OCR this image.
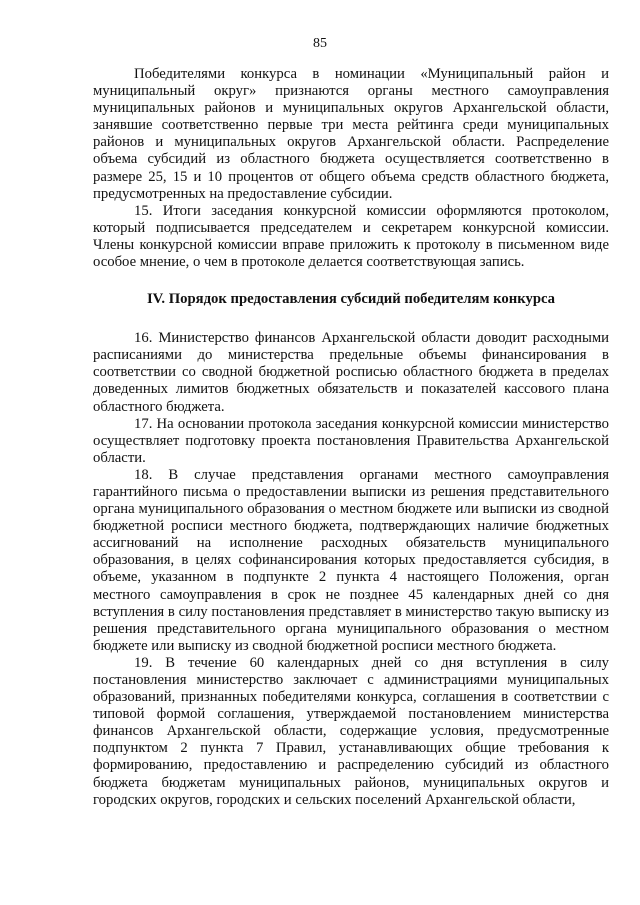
85

Победителями конкурса в номинации «Муниципальный район и муниципальный округ» признаются органы местного самоуправления муниципальных районов и муниципальных округов Архангельской области, занявшие соответственно первые три места рейтинга среди муниципальных районов и муниципальных округов Архангельской области. Распределение объема субсидий из областного бюджета осуществляется соответственно в размере 25, 15 и 10 процентов от общего объема средств областного бюджета, предусмотренных на предоставление субсидии.

15. Итоги заседания конкурсной комиссии оформляются протоколом, который подписывается председателем и секретарем конкурсной комиссии. Члены конкурсной комиссии вправе приложить к протоколу в письменном виде особое мнение, о чем в протоколе делается соответствующая запись.

IV. Порядок предоставления субсидий победителям конкурса

16. Министерство финансов Архангельской области доводит расходными расписаниями до министерства предельные объемы финансирования в соответствии со сводной бюджетной росписью областного бюджета в пределах доведенных лимитов бюджетных обязательств и показателей кассового плана областного бюджета.

17. На основании протокола заседания конкурсной комиссии министерство осуществляет подготовку проекта постановления Правительства Архангельской области.

18. В случае представления органами местного самоуправления гарантийного письма о предоставлении выписки из решения представительного органа муниципального образования о местном бюджете или выписки из сводной бюджетной росписи местного бюджета, подтверждающих наличие бюджетных ассигнований на исполнение расходных обязательств муниципального образования, в целях софинансирования которых предоставляется субсидия, в объеме, указанном в подпункте 2 пункта 4 настоящего Положения, орган местного самоуправления в срок не позднее 45 календарных дней со дня вступления в силу постановления представляет в министерство такую выписку из решения представительного органа муниципального образования о местном бюджете или выписку из сводной бюджетной росписи местного бюджета.

19. В течение 60 календарных дней со дня вступления в силу постановления министерство заключает с администрациями муниципальных образований, признанных победителями конкурса, соглашения в соответствии с типовой формой соглашения, утверждаемой постановлением министерства финансов Архангельской области, содержащие условия, предусмотренные подпунктом 2 пункта 7 Правил, устанавливающих общие требования к формированию, предоставлению и распределению субсидий из областного бюджета бюджетам муниципальных районов, муниципальных округов и городских округов, городских и сельских поселений Архангельской области,
